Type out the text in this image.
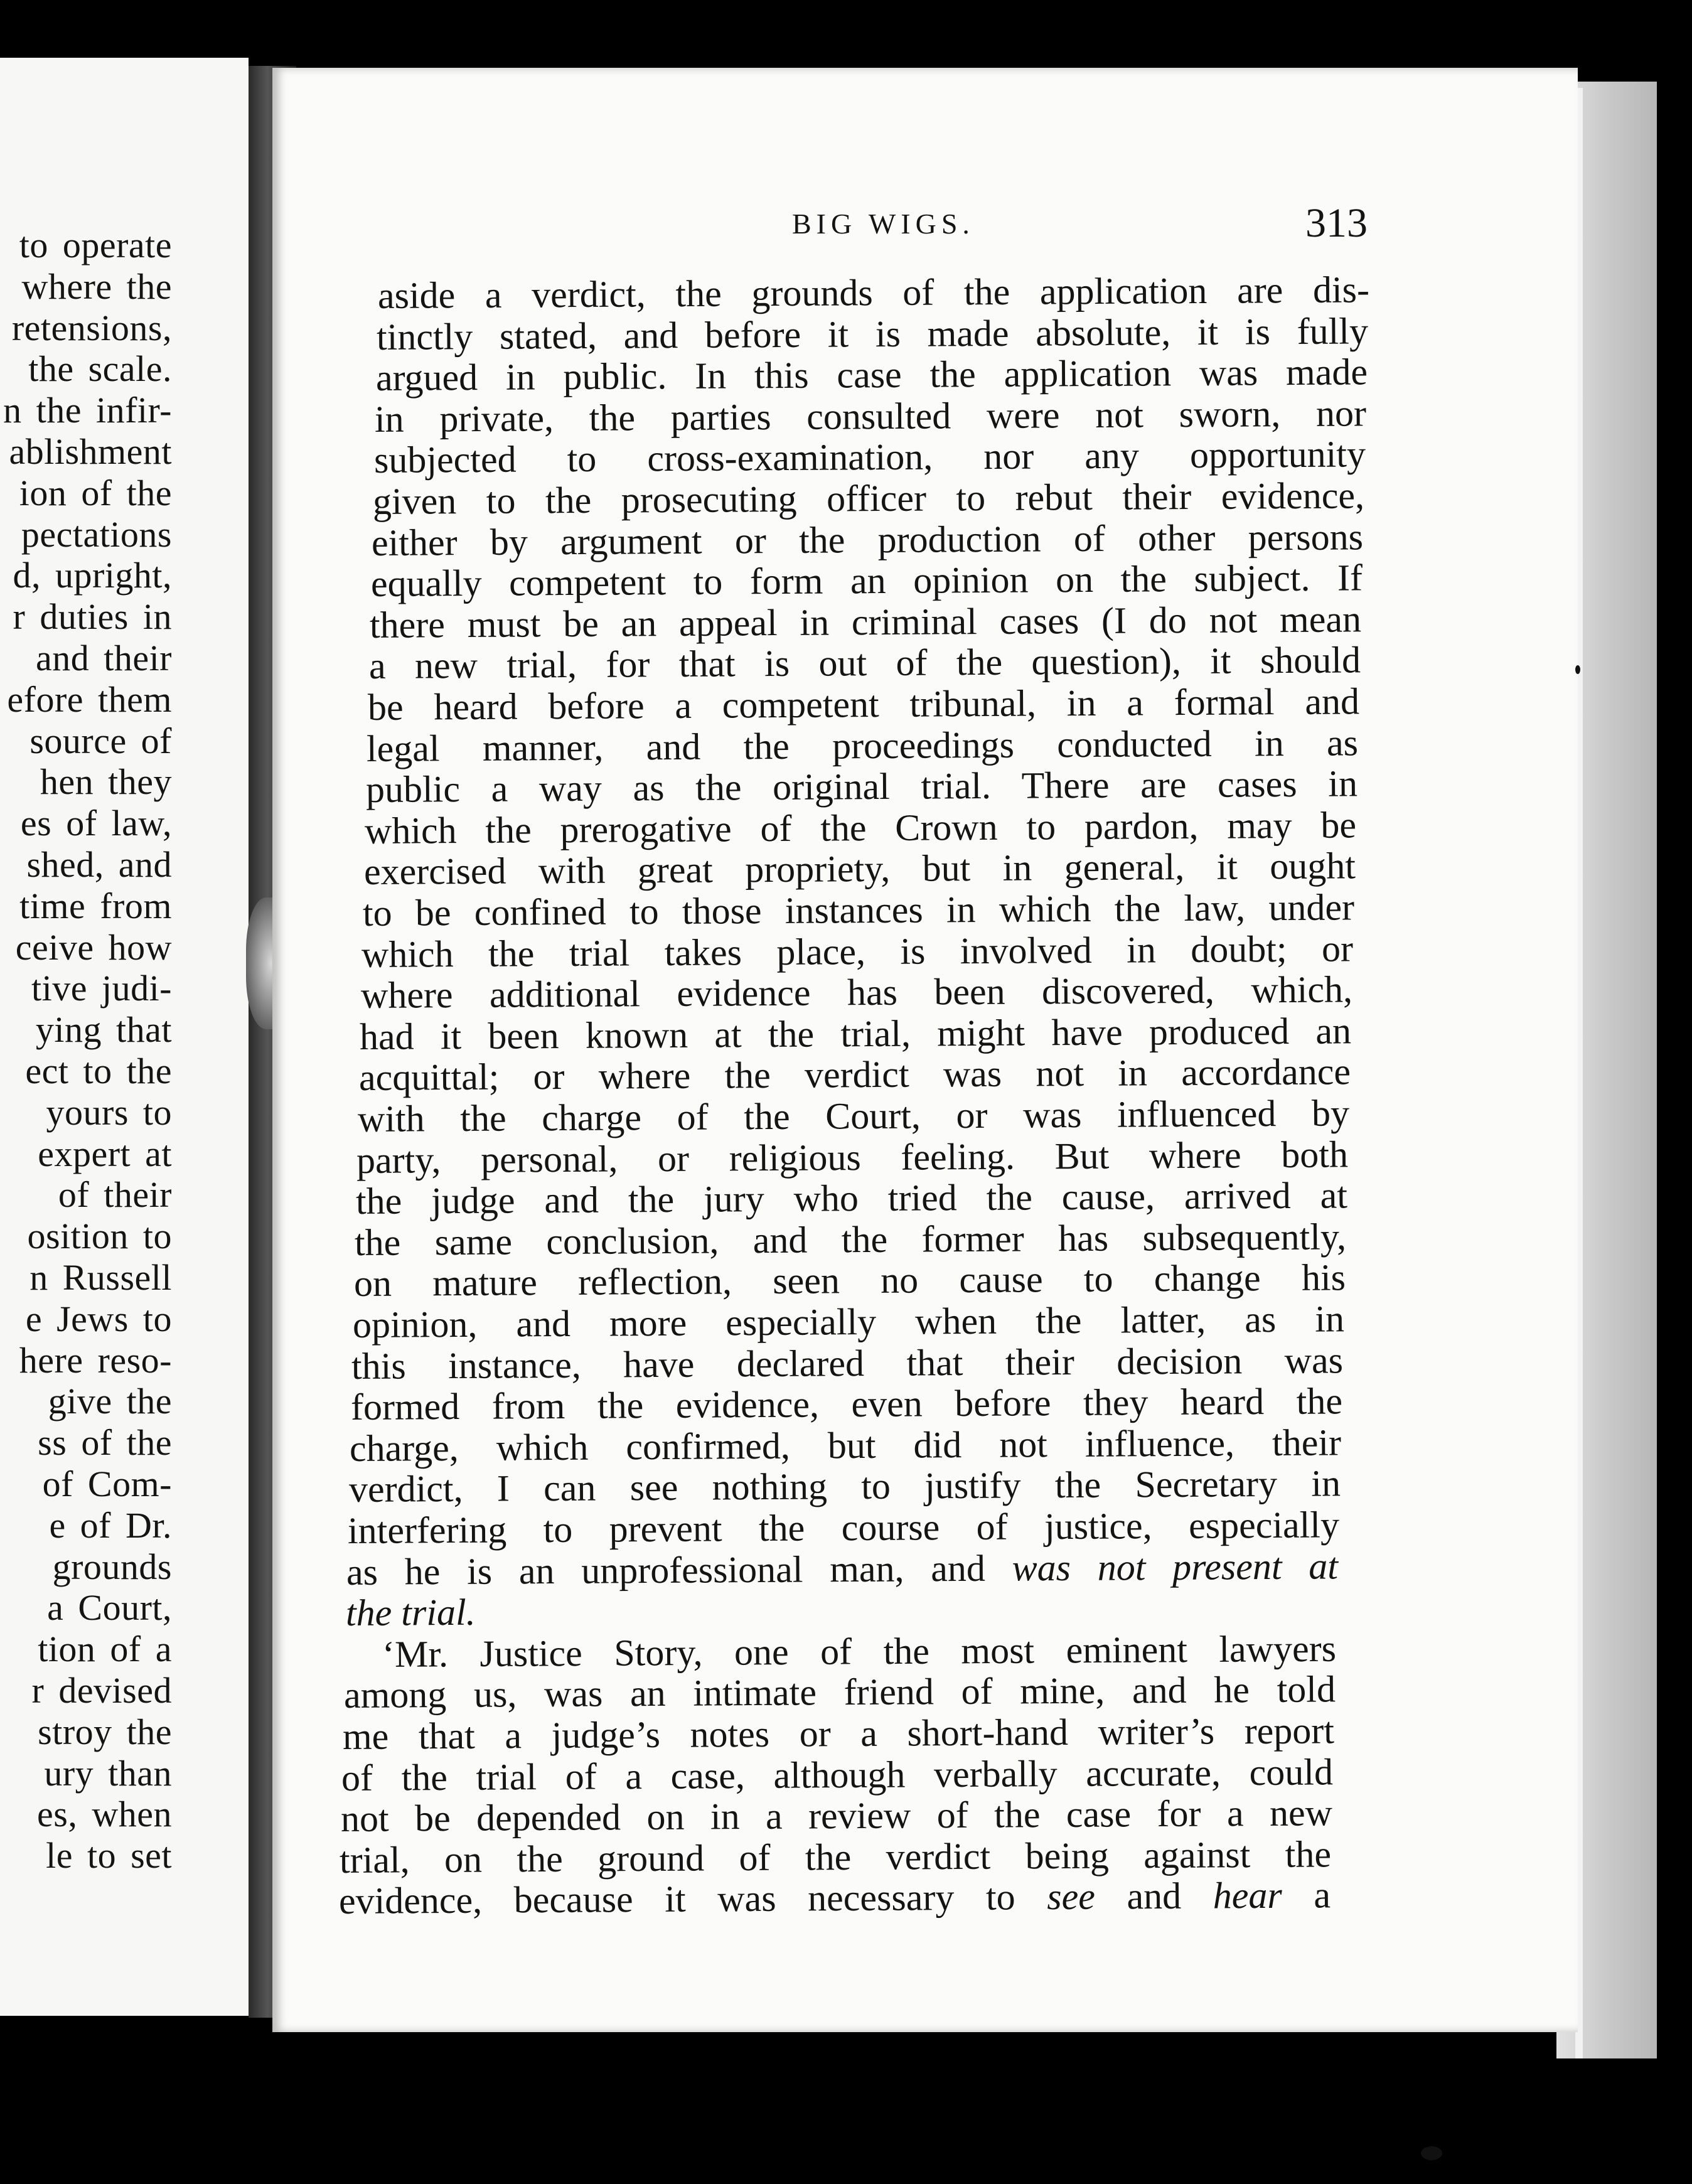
to operate
where the
retensions,
the scale.
n the infir-
ablishment
ion of the
pectations
d, upright,
r duties in
and their
efore them
source of
hen they
es of law,
shed, and
time from
ceive how
tive judi-
ying that
ect to the
yours to
expert at
of their
osition to
n Russell
e Jews to
here reso-
give the
ss of the
of Com-
e of Dr.
grounds
a Court,
tion of a
r devised
stroy the
ury than
es, when
le to set
BIG WIGS.	313
aside a verdict, the grounds of the application are dis-
tinctly stated, and before it is made absolute, it is fully
argued in public. In this case the application was made
in private, the parties consulted were not sworn, nor
subjected to cross-examination, nor any opportunity
given to the prosecuting officer to rebut their evidence,
either by argument or the production of other persons
equally competent to form an opinion on the subject. If
there must be an appeal in criminal cases (I do not mean
a new trial, for that is out of the question), it should
be heard before a competent tribunal, in a formal and
legal manner, and the proceedings conducted in as
public a way as the original trial. There are cases in
which the prerogative of the Crown to pardon, may be
exercised with great propriety, but in general, it ought
to be confined to those instances in which the law, under
which the trial takes place, is involved in doubt; or
where additional evidence has been discovered, which,
had it been known at the trial, might have produced an
acquittal; or where the verdict was not in accordance
with the charge of the Court, or was influenced by
party, personal, or religious feeling. But where both
the judge and the jury who tried the cause, arrived at
the same conclusion, and the former has subsequently,
on mature reflection, seen no cause to change his
opinion, and more especially when the latter, as in
this instance, have declared that their decision was
formed from the evidence, even before they heard the
charge, which confirmed, but did not influence, their
verdict, I can see nothing to justify the Secretary in
interfering to prevent the course of justice, especially
as he is an unprofessional man, and was not present at
the trial.
‘Mr. Justice Story, one of the most eminent lawyers
among us, was an intimate friend of mine, and he told
me that a judge’s notes or a short-hand writer’s report
of the trial of a case, although verbally accurate, could
not be depended on in a review of the case for a new
trial, on the ground of the verdict being against the
evidence, because it was necessary to see and hear a
